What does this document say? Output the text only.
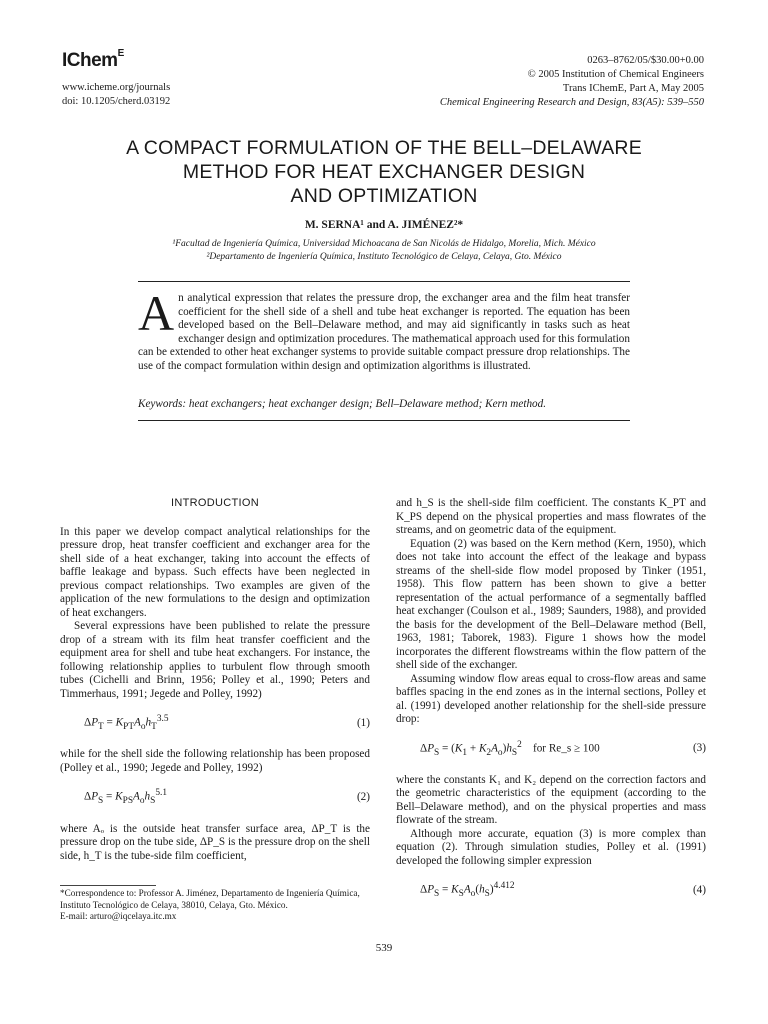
IChem$^E$
www.icheme.org/journals
doi: 10.1205/cherd.03192
0263–8762/05/$30.00+0.00
© 2005 Institution of Chemical Engineers
Trans IChemE, Part A, May 2005
Chemical Engineering Research and Design, 83(A5): 539–550
A COMPACT FORMULATION OF THE BELL–DELAWARE
METHOD FOR HEAT EXCHANGER DESIGN
AND OPTIMIZATION
M. SERNA¹ and A. JIMÉNEZ²*
¹Facultad de Ingeniería Química, Universidad Michoacana de San Nicolás de Hidalgo, Morelia, Mich. México
²Departamento de Ingeniería Química, Instituto Tecnológico de Celaya, Celaya, Gto. México
An analytical expression that relates the pressure drop, the exchanger area and the film heat transfer coefficient for the shell side of a shell and tube heat exchanger is reported. The equation has been developed based on the Bell–Delaware method, and may aid significantly in tasks such as heat exchanger design and optimization procedures. The mathematical approach used for this formulation can be extended to other heat exchanger systems to provide suitable compact pressure drop relationships. The use of the compact formulation within design and optimization algorithms is illustrated.
Keywords: heat exchangers; heat exchanger design; Bell–Delaware method; Kern method.
INTRODUCTION

In this paper we develop compact analytical relationships for the pressure drop, heat transfer coefficient and exchanger area for the shell side of a heat exchanger, taking into account the effects of baffle leakage and bypass. Such effects have been neglected in previous compact relationships. Two examples are given of the application of the new formulations to the design and optimization of heat exchangers.

Several expressions have been published to relate the pressure drop of a stream with its film heat transfer coefficient and the equipment area for shell and tube heat exchangers. For instance, the following relationship applies to turbulent flow through smooth tubes (Cichelli and Brinn, 1956; Polley et al., 1990; Peters and Timmerhaus, 1991; Jegede and Polley, 1992)

$\Delta P_T = K_{PT}A_oh_T^{3.5}$	(1)

while for the shell side the following relationship has been proposed (Polley et al., 1990; Jegede and Polley, 1992)

$\Delta P_S = K_{PS}A_oh_S^{5.1}$	(2)

where Aₒ is the outside heat transfer surface area, ΔP_T is the pressure drop on the tube side, ΔP_S is the pressure drop on the shell side, h_T is the tube-side film coefficient,

and h_S is the shell-side film coefficient. The constants K_PT and K_PS depend on the physical properties and mass flowrates of the streams, and on geometric data of the equipment.

Equation (2) was based on the Kern method (Kern, 1950), which does not take into account the effect of the leakage and bypass streams of the shell-side flow model proposed by Tinker (1951, 1958). This flow pattern has been shown to give a better representation of the actual performance of a segmentally baffled heat exchanger (Coulson et al., 1989; Saunders, 1988), and provided the basis for the development of the Bell–Delaware method (Bell, 1963, 1981; Taborek, 1983). Figure 1 shows how the model incorporates the different flowstreams within the flow pattern of the shell side of the exchanger.

Assuming window flow areas equal to cross-flow areas and same baffles spacing in the end zones as in the internal sections, Polley et al. (1991) developed another relationship for the shell-side pressure drop:

$\Delta P_S = (K_1 + K_2A_o)h_S^2$ for Re_s ≥ 100	(3)

where the constants K₁ and K₂ depend on the correction factors and the geometric characteristics of the equipment (according to the Bell–Delaware method), and on the physical properties and mass flowrate of the stream.

Although more accurate, equation (3) is more complex than equation (2). Through simulation studies, Polley et al. (1991) developed the following simpler expression

$\Delta P_S = K_SA_o(h_S)^{4.412}$	(4)
*Correspondence to: Professor A. Jiménez, Departamento de Ingeniería Química, Instituto Tecnológico de Celaya, 38010, Celaya, Gto. México.
E-mail: arturo@iqcelaya.itc.mx
539
